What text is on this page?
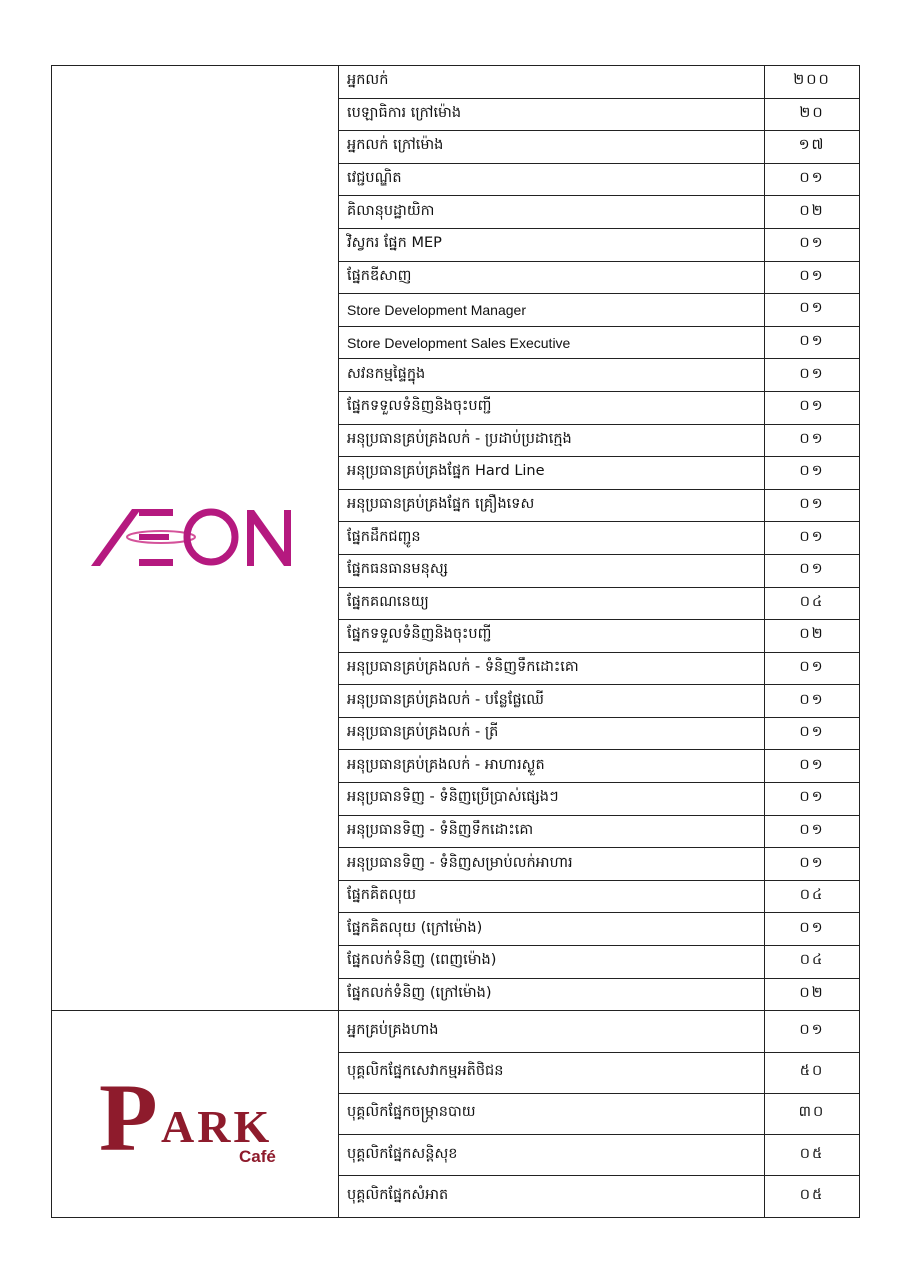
	អ្នកលក់	២០០
	បេឡាធិការ ក្រៅម៉ោង	២០
	អ្នកលក់ ក្រៅម៉ោង	១៧
	វេជ្ជបណ្ឌិត	០១
	គិលានុបដ្ឋាយិកា	០២
	វិស្វករ ផ្នែក MEP	០១
	ផ្នែកឌីសាញ	០១
	Store Development Manager	០១
	Store Development Sales Executive	០១
	សវនកម្មផ្ទៃក្នុង	០១
	ផ្នែកទទួលទំនិញនិងចុះបញ្ជី	០១
	អនុប្រធានគ្រប់គ្រងលក់ - ប្រដាប់ប្រដាក្មេង	០១
	អនុប្រធានគ្រប់គ្រងផ្នែក Hard Line	០១
	អនុប្រធានគ្រប់គ្រងផ្នែក គ្រឿងទេស	០១
	ផ្នែកដឹកជញ្ជូន	០១
	ផ្នែកធនធានមនុស្ស	០១
	ផ្នែកគណនេយ្យ	០៤
	ផ្នែកទទួលទំនិញនិងចុះបញ្ជី	០២
	អនុប្រធានគ្រប់គ្រងលក់ - ទំនិញទឹកដោះគោ	០១
	អនុប្រធានគ្រប់គ្រងលក់ - បន្លែផ្លែឈើ	០១
	អនុប្រធានគ្រប់គ្រងលក់ - ត្រី	០១
	អនុប្រធានគ្រប់គ្រងលក់ - អាហារស្ងួត	០១
	អនុប្រធានទិញ - ទំនិញប្រើប្រាស់ផ្សេងៗ	០១
	អនុប្រធានទិញ - ទំនិញទឹកដោះគោ	០១
	អនុប្រធានទិញ - ទំនិញសម្រាប់លក់អាហារ	០១
	ផ្នែកគិតលុយ	០៤
	ផ្នែកគិតលុយ (ក្រៅម៉ោង)	០១
	ផ្នែកលក់ទំនិញ (ពេញម៉ោង)	០៤
	ផ្នែកលក់ទំនិញ (ក្រៅម៉ោង)	០២

P ARK
Café	អ្នកគ្រប់គ្រងហាង	០១
	បុគ្គលិកផ្នែកសេវាកម្មអតិថិជន	៥០
	បុគ្គលិកផ្នែកចម្រ្កានបាយ	៣០
	បុគ្គលិកផ្នែកសន្តិសុខ	០៥
	បុគ្គលិកផ្នែកសំអាត	០៥
